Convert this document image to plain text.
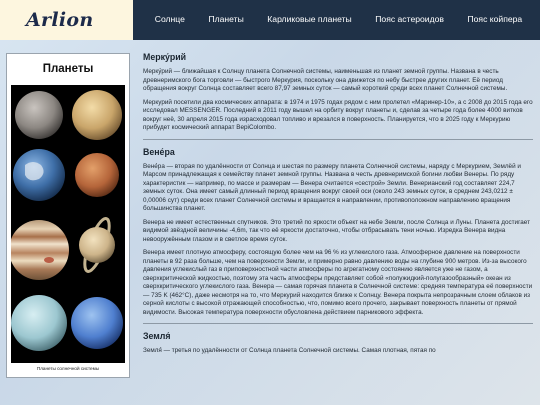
Arlion	Солнце	Планеты	Карликовые планеты	Пояс астероидов	Пояс койпера
Планеты
Планеты солнечной системы
Мерку́рий

Мерку́рий — ближайшая к Солнцу планета Солнечной системы, наименьшая из планет земной группы. Названа в честь древнеримского бога торговли — быстрого Меркурия, поскольку она движется по небу быстрее других планет. Её период обращения вокруг Солнца составляет всего 87,97 земных суток — самый короткий среди всех планет Солнечной системы.

Меркурий посетили два космических аппарата: в 1974 и 1975 годах рядом с ним пролетел «Маринер-10», а с 2008 до 2015 года его исследовал MESSENGER. Последний в 2011 году вышел на орбиту вокруг планеты и, сделав за четыре года более 4000 витков вокруг неё, 30 апреля 2015 года израсходовал топливо и врезался в поверхность. Планируется, что в 2025 году к Меркурию прибудет космический аппарат BepiColombo.

Вене́ра

Вене́ра — вторая по удалённости от Солнца и шестая по размеру планета Солнечной системы, наряду с Меркурием, Землёй и Марсом принадлежащая к семейству планет земной группы. Названа в честь древнеримской богини любви Венеры. По ряду характеристик — например, по массе и размерам — Венера считается «сестрой» Земли. Венерианский год составляет 224,7 земных суток. Она имеет самый длинный период вращения вокруг своей оси (около 243 земных суток, в среднем 243,0212 ± 0,00006 сут) среди всех планет Солнечной системы и вращается в направлении, противоположном направлению вращения большинства планет.

Венера не имеет естественных спутников. Это третий по яркости объект на небе Земли, после Солнца и Луны. Планета достигает видимой звёздной величины -4,6m, так что её яркости достаточно, чтобы отбрасывать тени ночью. Изредка Венера видна невооружённым глазом и в светлое время суток.

Венера имеет плотную атмосферу, состоящую более чем на 96 % из углекислого газа. Атмосферное давление на поверхности планеты в 92 раза больше, чем на поверхности Земли, и примерно равно давлению воды на глубине 900 метров. Из-за высокого давления углекислый газ в приповерхностной части атмосферы по агрегатному состоянию является уже не газом, а сверхкритической жидкостью, поэтому эта часть атмосферы представляет собой «полужидкий-полугазообразный» океан из сверхкритического углекислого газа. Венера — самая горячая планета в Солнечной системе: средняя температура её поверхности — 735 K (462°C), даже несмотря на то, что Меркурий находится ближе к Солнцу. Венера покрыта непрозрачным слоем облаков из серной кислоты с высокой отражающей способностью, что, помимо всего прочего, закрывает поверхность планеты от прямой видимости. Высокая температура поверхности обусловлена действием парникового эффекта.

Земля́

Земля́ — третья по удалённости от Солнца планета Солнечной системы. Самая плотная, пятая по
